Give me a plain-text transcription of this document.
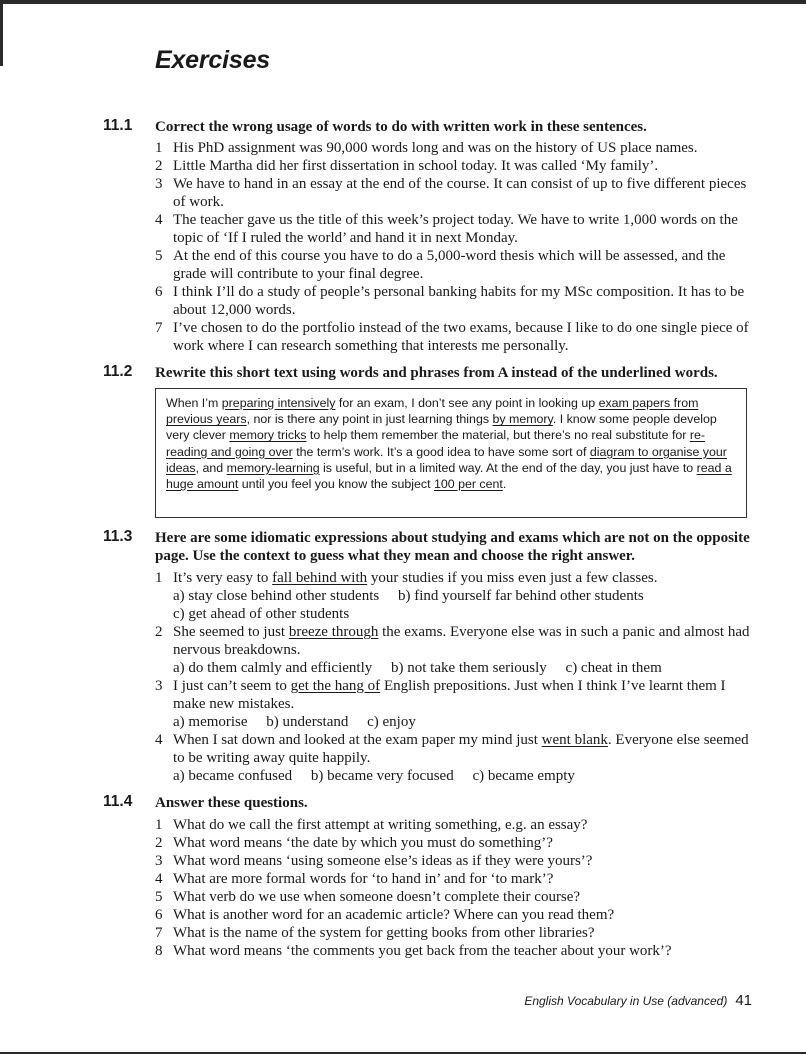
Exercises
11.1 Correct the wrong usage of words to do with written work in these sentences.
1 His PhD assignment was 90,000 words long and was on the history of US place names.
2 Little Martha did her first dissertation in school today. It was called ‘My family’.
3 We have to hand in an essay at the end of the course. It can consist of up to five different pieces of work.
4 The teacher gave us the title of this week’s project today. We have to write 1,000 words on the topic of ‘If I ruled the world’ and hand it in next Monday.
5 At the end of this course you have to do a 5,000-word thesis which will be assessed, and the grade will contribute to your final degree.
6 I think I’ll do a study of people’s personal banking habits for my MSc composition. It has to be about 12,000 words.
7 I’ve chosen to do the portfolio instead of the two exams, because I like to do one single piece of work where I can research something that interests me personally.
11.2 Rewrite this short text using words and phrases from A instead of the underlined words.
When I’m preparing intensively for an exam, I don’t see any point in looking up exam papers from previous years, nor is there any point in just learning things by memory. I know some people develop very clever memory tricks to help them remember the material, but there’s no real substitute for re-reading and going over the term’s work. It’s a good idea to have some sort of diagram to organise your ideas, and memory-learning is useful, but in a limited way. At the end of the day, you just have to read a huge amount until you feel you know the subject 100 per cent.
11.3 Here are some idiomatic expressions about studying and exams which are not on the opposite page. Use the context to guess what they mean and choose the right answer.
1 It’s very easy to fall behind with your studies if you miss even just a few classes.
a) stay close behind other students     b) find yourself far behind other students
c) get ahead of other students
2 She seemed to just breeze through the exams. Everyone else was in such a panic and almost had nervous breakdowns.
a) do them calmly and efficiently     b) not take them seriously     c) cheat in them
3 I just can’t seem to get the hang of English prepositions. Just when I think I’ve learnt them I make new mistakes.
a) memorise     b) understand     c) enjoy
4 When I sat down and looked at the exam paper my mind just went blank. Everyone else seemed to be writing away quite happily.
a) became confused     b) became very focused     c) became empty
11.4 Answer these questions.
1 What do we call the first attempt at writing something, e.g. an essay?
2 What word means ‘the date by which you must do something’?
3 What word means ‘using someone else’s ideas as if they were yours’?
4 What are more formal words for ‘to hand in’ and for ‘to mark’?
5 What verb do we use when someone doesn’t complete their course?
6 What is another word for an academic article? Where can you read them?
7 What is the name of the system for getting books from other libraries?
8 What word means ‘the comments you get back from the teacher about your work’?
English Vocabulary in Use (advanced) 41
